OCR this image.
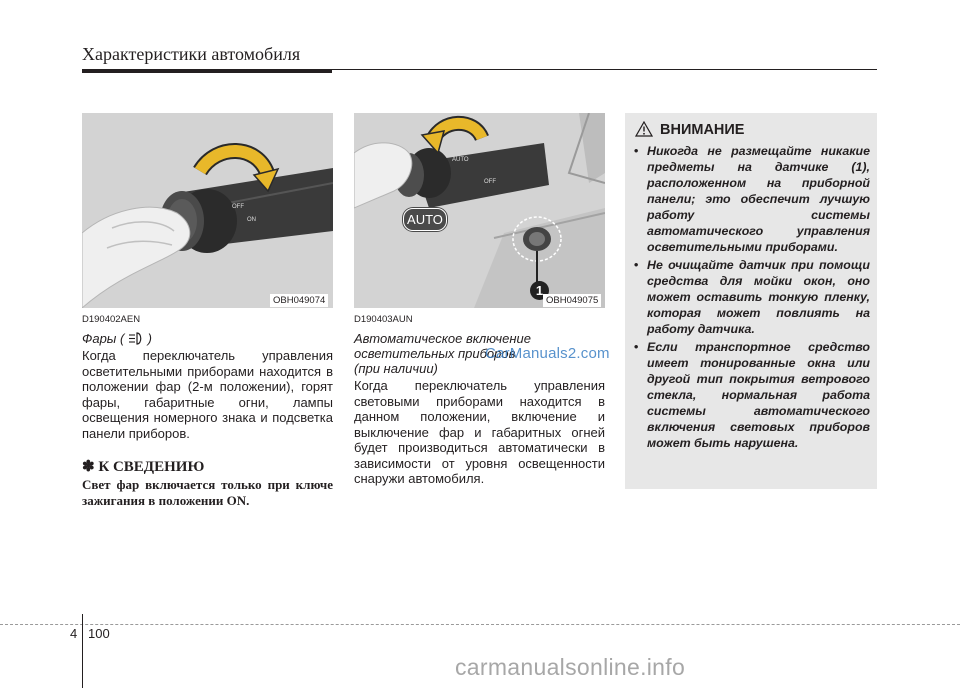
Характеристики автомобиля
OFF
ON
OBH049074
D190402AEN
Фары ( )
Когда переключатель управления осветительными приборами находится в положении фар (2-м положении), горят фары, габаритные огни, лампы освещения номерного знака и подсветка панели приборов.
✽ К СВЕДЕНИЮ
Свет фар включается только при ключе зажигания в положении ON.
AUTO
OFF
AUTO
1
OBH049075
D190403AUN
Автоматическое включение
осветительных приборов
(при наличии)
Когда переключатель управления световыми приборами находится в данном положении, включение и выключение фар и габаритных огней будет производиться автоматически в зависимости от уровня освещенности снаружи автомобиля.
ВНИМАНИЕ
• Никогда не размещайте никакие предметы на датчике (1), расположенном на приборной панели; это обеспечит лучшую работу системы автоматического управления осветительными приборами.
• Не очищайте датчик при помощи средства для мойки окон, оно может оставить тонкую пленку, которая может повлиять на работу датчика.
• Если транспортное средство имеет тонированные окна или другой тип покрытия ветрового стекла, нормальная работа системы автоматического включения световых приборов может быть нарушена.
CarManuals2.com
carmanualsonline.info
4 100
